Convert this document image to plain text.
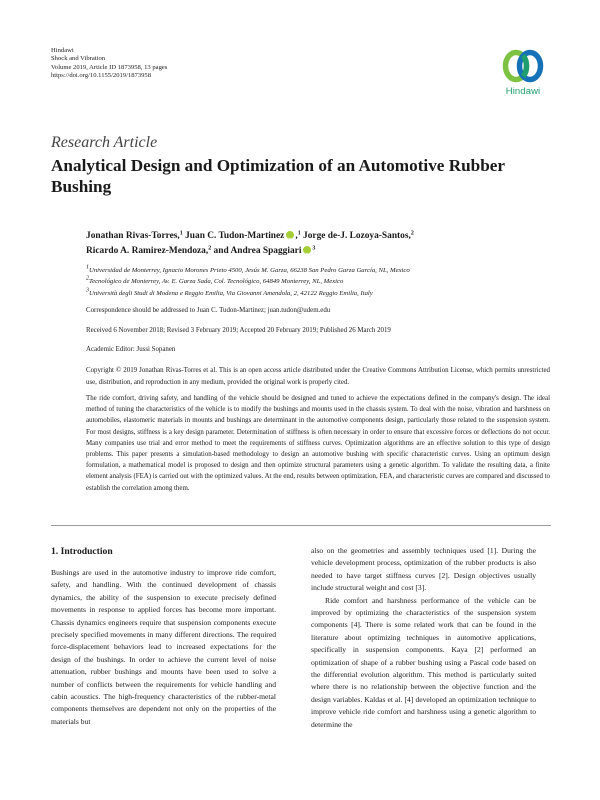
Hindawi
Shock and Vibration
Volume 2019, Article ID 1873958, 13 pages
https://doi.org/10.1155/2019/1873958
Hindawi
Research Article
Analytical Design and Optimization of an Automotive Rubber Bushing
Jonathan Rivas-Torres,$^1$ Juan C. Tudon-Martinez iD ,$^1$ Jorge de-J. Lozoya-Santos,$^2$
Ricardo A. Ramirez-Mendoza,$^2$ and Andrea Spaggiari iD $^3$
$^1$Universidad de Monterrey, Ignacio Morones Prieto 4500, Jesús M. Garza, 66238 San Pedro Garza García, NL, Mexico
$^2$Tecnológico de Monterrey, Av. E. Garza Sada, Col. Tecnológico, 64849 Monterrey, NL, Mexico
$^3$Università degli Studi di Modena e Reggio Emilia, Via Giovanni Amendola, 2, 42122 Reggio Emilia, Italy
Correspondence should be addressed to Juan C. Tudon-Martinez; juan.tudon@udem.edu
Received 6 November 2018; Revised 3 February 2019; Accepted 20 February 2019; Published 26 March 2019
Academic Editor: Jussi Sopanen
Copyright © 2019 Jonathan Rivas-Torres et al. This is an open access article distributed under the Creative Commons Attribution License, which permits unrestricted use, distribution, and reproduction in any medium, provided the original work is properly cited.
The ride comfort, driving safety, and handling of the vehicle should be designed and tuned to achieve the expectations defined in the company's design. The ideal method of tuning the characteristics of the vehicle is to modify the bushings and mounts used in the chassis system. To deal with the noise, vibration and harshness on automobiles, elastomeric materials in mounts and bushings are determinant in the automotive components design, particularly those related to the suspension system. For most designs, stiffness is a key design parameter. Determination of stiffness is often necessary in order to ensure that excessive forces or deflections do not occur. Many companies use trial and error method to meet the requirements of stiffness curves. Optimization algorithms are an effective solution to this type of design problems. This paper presents a simulation-based methodology to design an automotive bushing with specific characteristic curves. Using an optimum design formulation, a mathematical model is proposed to design and then optimize structural parameters using a genetic algorithm. To validate the resulting data, a finite element analysis (FEA) is carried out with the optimized values. At the end, results between optimization, FEA, and characteristic curves are compared and discussed to establish the correlation among them.
1. Introduction

Bushings are used in the automotive industry to improve ride comfort, safety, and handling. With the continued development of chassis dynamics, the ability of the suspension to execute precisely defined movements in response to applied forces has become more important. Chassis dynamics engineers require that suspension components execute precisely specified movements in many different directions. The required force-displacement behaviors lead to increased expectations for the design of the bushings. In order to achieve the current level of noise attenuation, rubber bushings and mounts have been used to solve a number of conflicts between the requirements for vehicle handling and cabin acoustics. The high-frequency characteristics of the rubber-metal components themselves are dependent not only on the properties of the materials but

also on the geometries and assembly techniques used [1]. During the vehicle development process, optimization of the rubber products is also needed to have target stiffness curves [2]. Design objectives usually include structural weight and cost [3].

Ride comfort and harshness performance of the vehicle can be improved by optimizing the characteristics of the suspension system components [4]. There is some related work that can be found in the literature about optimizing techniques in automotive applications, specifically in suspension components. Kaya [2] performed an optimization of shape of a rubber bushing using a Pascal code based on the differential evolution algorithm. This method is particularly suited where there is no relationship between the objective function and the design variables. Kaldas et al. [4] developed an optimization technique to improve vehicle ride comfort and harshness using a genetic algorithm to determine the
